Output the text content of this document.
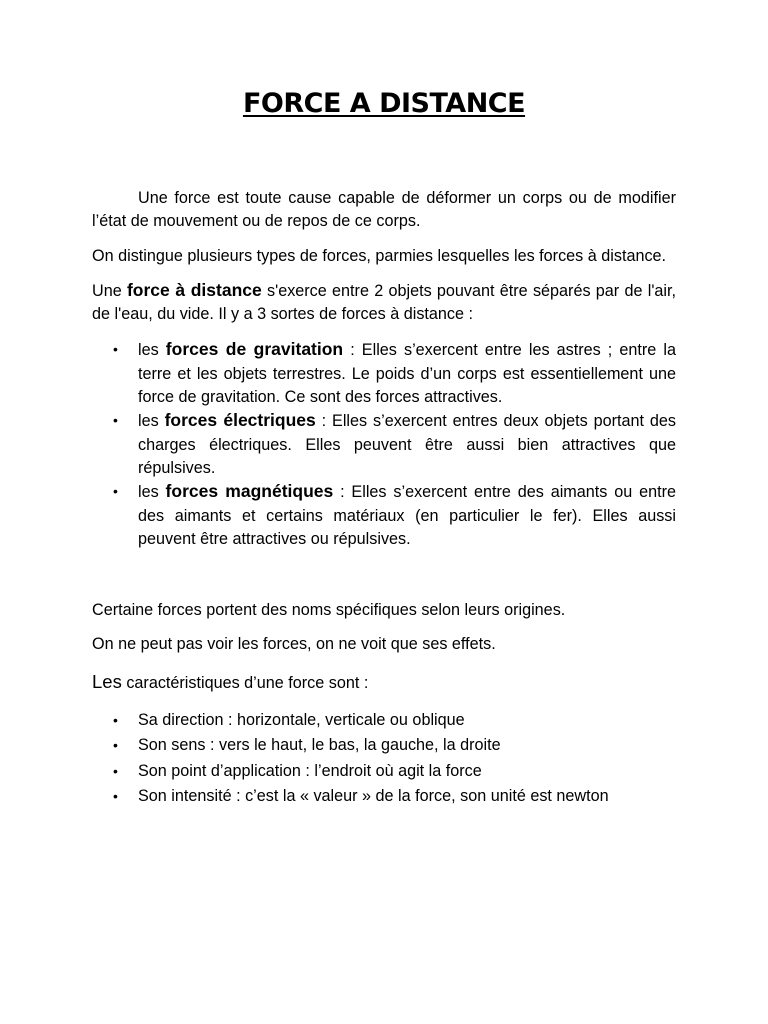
FORCE A DISTANCE

Une force est toute cause capable de déformer un corps ou de modifier l’état de mouvement ou de repos de ce corps.

On distingue plusieurs types de forces, parmies lesquelles les forces à distance.

Une force à distance s'exerce entre 2 objets pouvant être séparés par de l'air, de l'eau, du vide. Il y a 3 sortes de forces à distance :

• les forces de gravitation : Elles s’exercent entre les astres ; entre la terre et les objets terrestres. Le poids d’un corps est essentiellement une force de gravitation. Ce sont des forces attractives.
• les forces électriques : Elles s’exercent entres deux objets portant des charges électriques. Elles peuvent être aussi bien attractives que répulsives.
• les forces magnétiques : Elles s’exercent entre des aimants ou entre des aimants et certains matériaux (en particulier le fer). Elles aussi peuvent être attractives ou répulsives.

Certaine forces portent des noms spécifiques selon leurs origines.

On ne peut pas voir les forces, on ne voit que ses effets.

Les caractéristiques d’une force sont :

• Sa direction : horizontale, verticale ou oblique
• Son sens : vers le haut, le bas, la gauche, la droite
• Son point d’application : l’endroit où agit la force
• Son intensité : c’est la « valeur » de la force, son unité est newton
